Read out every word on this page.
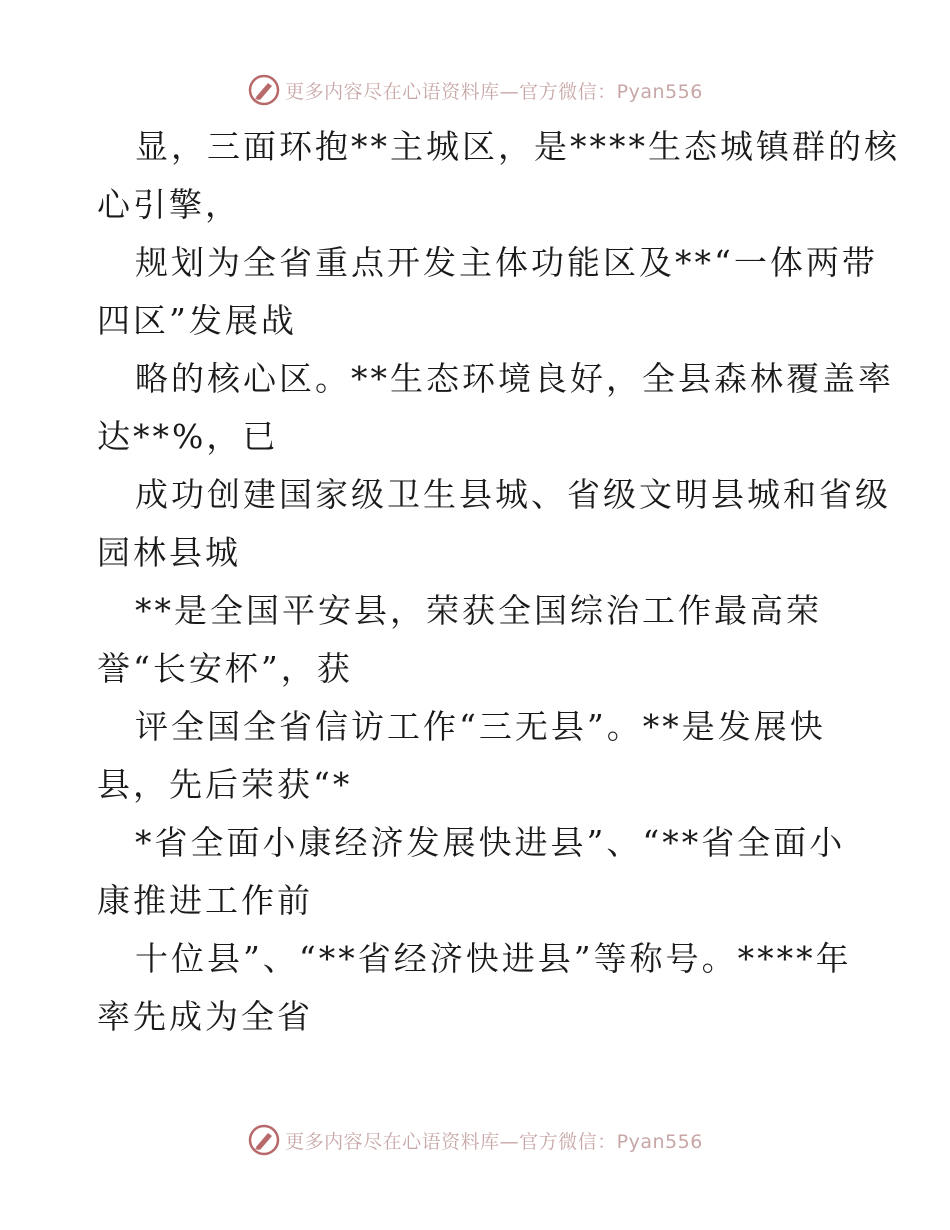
更多内容尽在心语资料库—官方微信：Pyan556
显，三面环抱**主城区，是****生态城镇群的核
心引擎，
规划为全省重点开发主体功能区及**“一体两带
四区”发展战
略的核心区。**生态环境良好，全县森林覆盖率
达**%，已
成功创建国家级卫生县城、省级文明县城和省级
园林县城
**是全国平安县，荣获全国综治工作最高荣
誉“长安杯”，获
评全国全省信访工作“三无县”。**是发展快
县，先后荣获“*
*省全面小康经济发展快进县”、“**省全面小
康推进工作前
十位县”、“**省经济快进县”等称号。****年
率先成为全省
更多内容尽在心语资料库—官方微信：Pyan556
